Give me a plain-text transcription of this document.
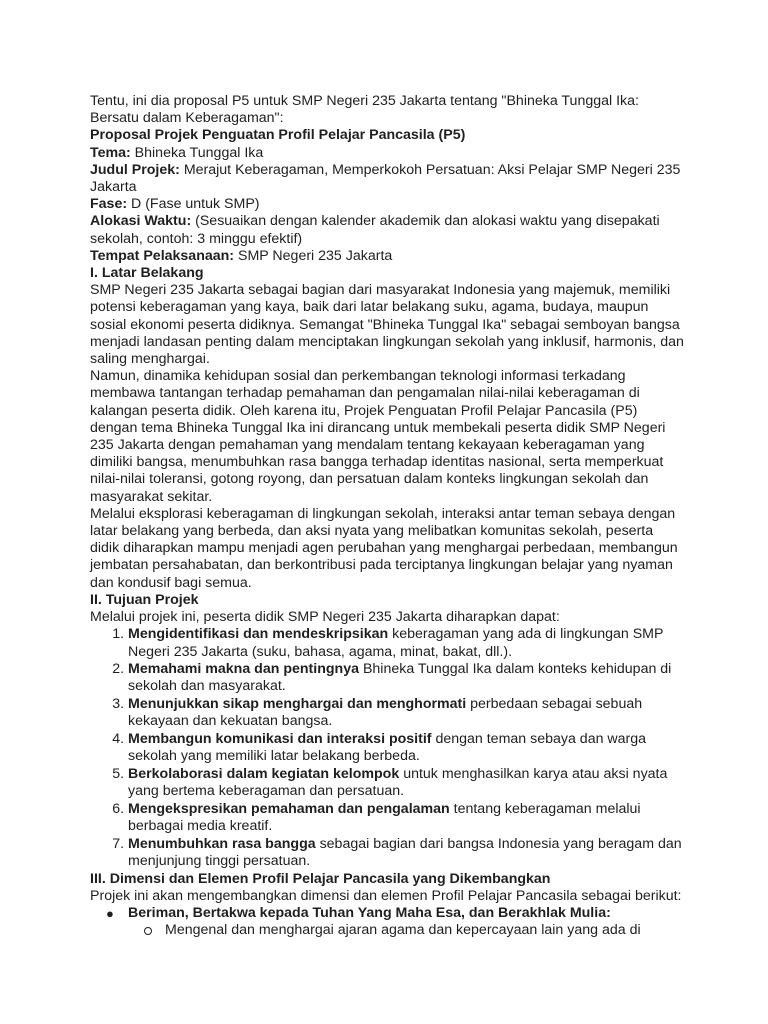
Tentu, ini dia proposal P5 untuk SMP Negeri 235 Jakarta tentang "Bhineka Tunggal Ika: Bersatu dalam Keberagaman":

Proposal Projek Penguatan Profil Pelajar Pancasila (P5)

Tema: Bhineka Tunggal Ika

Judul Projek: Merajut Keberagaman, Memperkokoh Persatuan: Aksi Pelajar SMP Negeri 235 Jakarta

Fase: D (Fase untuk SMP)

Alokasi Waktu: (Sesuaikan dengan kalender akademik dan alokasi waktu yang disepakati sekolah, contoh: 3 minggu efektif)

Tempat Pelaksanaan: SMP Negeri 235 Jakarta

I. Latar Belakang

SMP Negeri 235 Jakarta sebagai bagian dari masyarakat Indonesia yang majemuk, memiliki potensi keberagaman yang kaya, baik dari latar belakang suku, agama, budaya, maupun sosial ekonomi peserta didiknya. Semangat "Bhineka Tunggal Ika" sebagai semboyan bangsa menjadi landasan penting dalam menciptakan lingkungan sekolah yang inklusif, harmonis, dan saling menghargai.

Namun, dinamika kehidupan sosial dan perkembangan teknologi informasi terkadang membawa tantangan terhadap pemahaman dan pengamalan nilai-nilai keberagaman di kalangan peserta didik. Oleh karena itu, Projek Penguatan Profil Pelajar Pancasila (P5) dengan tema Bhineka Tunggal Ika ini dirancang untuk membekali peserta didik SMP Negeri 235 Jakarta dengan pemahaman yang mendalam tentang kekayaan keberagaman yang dimiliki bangsa, menumbuhkan rasa bangga terhadap identitas nasional, serta memperkuat nilai-nilai toleransi, gotong royong, dan persatuan dalam konteks lingkungan sekolah dan masyarakat sekitar.

Melalui eksplorasi keberagaman di lingkungan sekolah, interaksi antar teman sebaya dengan latar belakang yang berbeda, dan aksi nyata yang melibatkan komunitas sekolah, peserta didik diharapkan mampu menjadi agen perubahan yang menghargai perbedaan, membangun jembatan persahabatan, dan berkontribusi pada terciptanya lingkungan belajar yang nyaman dan kondusif bagi semua.

II. Tujuan Projek

Melalui projek ini, peserta didik SMP Negeri 235 Jakarta diharapkan dapat:

1. Mengidentifikasi dan mendeskripsikan keberagaman yang ada di lingkungan SMP Negeri 235 Jakarta (suku, bahasa, agama, minat, bakat, dll.).
2. Memahami makna dan pentingnya Bhineka Tunggal Ika dalam konteks kehidupan di sekolah dan masyarakat.
3. Menunjukkan sikap menghargai dan menghormati perbedaan sebagai sebuah kekayaan dan kekuatan bangsa.
4. Membangun komunikasi dan interaksi positif dengan teman sebaya dan warga sekolah yang memiliki latar belakang berbeda.
5. Berkolaborasi dalam kegiatan kelompok untuk menghasilkan karya atau aksi nyata yang bertema keberagaman dan persatuan.
6. Mengekspresikan pemahaman dan pengalaman tentang keberagaman melalui berbagai media kreatif.
7. Menumbuhkan rasa bangga sebagai bagian dari bangsa Indonesia yang beragam dan menjunjung tinggi persatuan.

III. Dimensi dan Elemen Profil Pelajar Pancasila yang Dikembangkan

Projek ini akan mengembangkan dimensi dan elemen Profil Pelajar Pancasila sebagai berikut:

● Beriman, Bertakwa kepada Tuhan Yang Maha Esa, dan Berakhlak Mulia:
Mengenal dan menghargai ajaran agama dan kepercayaan lain yang ada di
